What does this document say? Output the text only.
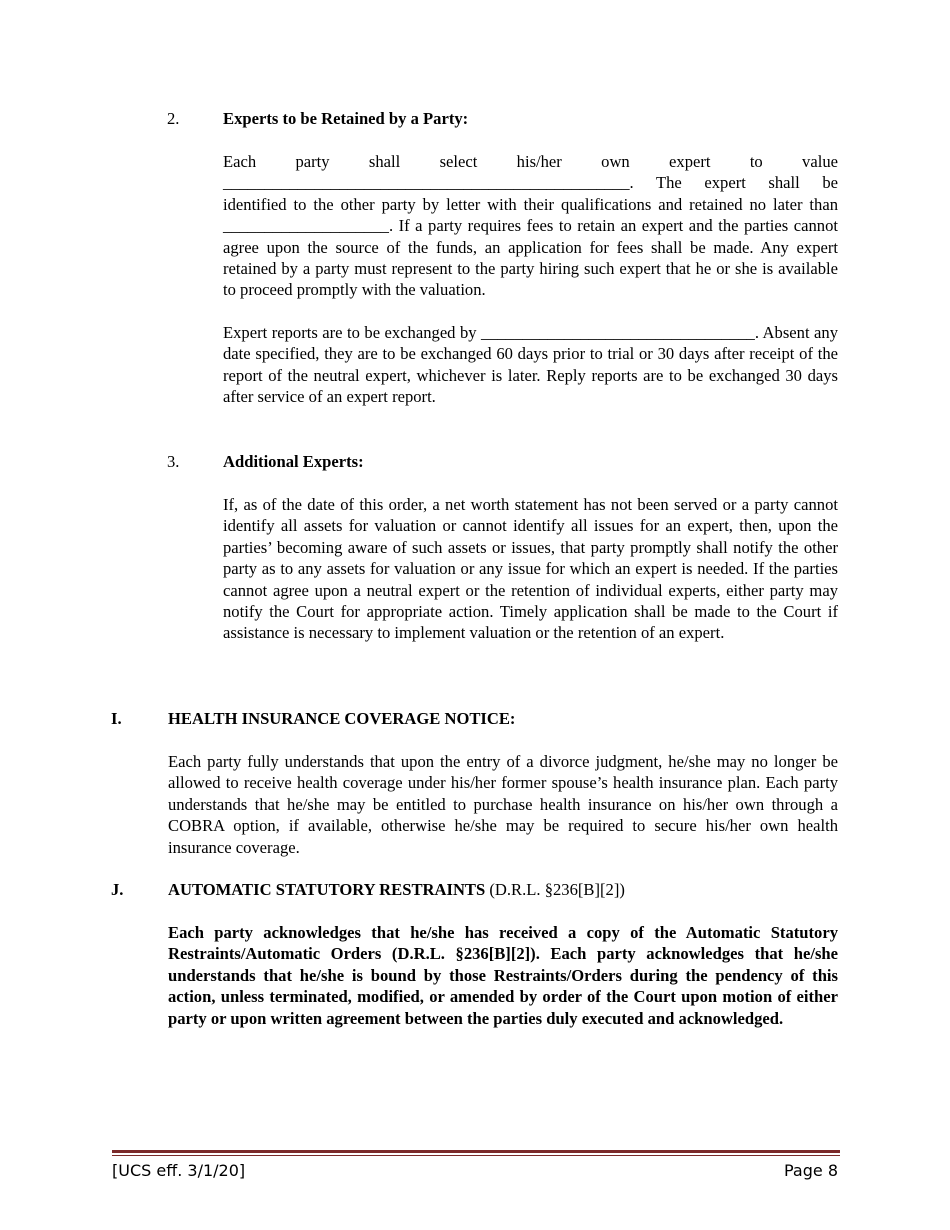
2.	Experts to be Retained by a Party:
Each party shall select his/her own expert to value
_________________________________________________. The expert shall be
identified to the other party by letter with their qualifications and retained no later than ____________________. If a party requires fees to retain an expert and the parties cannot agree upon the source of the funds, an application for fees shall be made. Any expert retained by a party must represent to the party hiring such expert that he or she is available to proceed promptly with the valuation.

Expert reports are to be exchanged by _________________________________. Absent any date specified, they are to be exchanged 60 days prior to trial or 30 days after receipt of the report of the neutral expert, whichever is later. Reply reports are to be exchanged 30 days after service of an expert report.

3.	Additional Experts:

If, as of the date of this order, a net worth statement has not been served or a party cannot identify all assets for valuation or cannot identify all issues for an expert, then, upon the parties’ becoming aware of such assets or issues, that party promptly shall notify the other party as to any assets for valuation or any issue for which an expert is needed. If the parties cannot agree upon a neutral expert or the retention of individual experts, either party may notify the Court for appropriate action. Timely application shall be made to the Court if assistance is necessary to implement valuation or the retention of an expert.

I.	HEALTH INSURANCE COVERAGE NOTICE:

Each party fully understands that upon the entry of a divorce judgment, he/she may no longer be allowed to receive health coverage under his/her former spouse’s health insurance plan. Each party understands that he/she may be entitled to purchase health insurance on his/her own through a COBRA option, if available, otherwise he/she may be required to secure his/her own health insurance coverage.

J.	AUTOMATIC STATUTORY RESTRAINTS (D.R.L. §236[B][2])

Each party acknowledges that he/she has received a copy of the Automatic Statutory Restraints/Automatic Orders (D.R.L. §236[B][2]). Each party acknowledges that he/she understands that he/she is bound by those Restraints/Orders during the pendency of this action, unless terminated, modified, or amended by order of the Court upon motion of either party or upon written agreement between the parties duly executed and acknowledged.

[UCS eff. 3/1/20]	Page 8
